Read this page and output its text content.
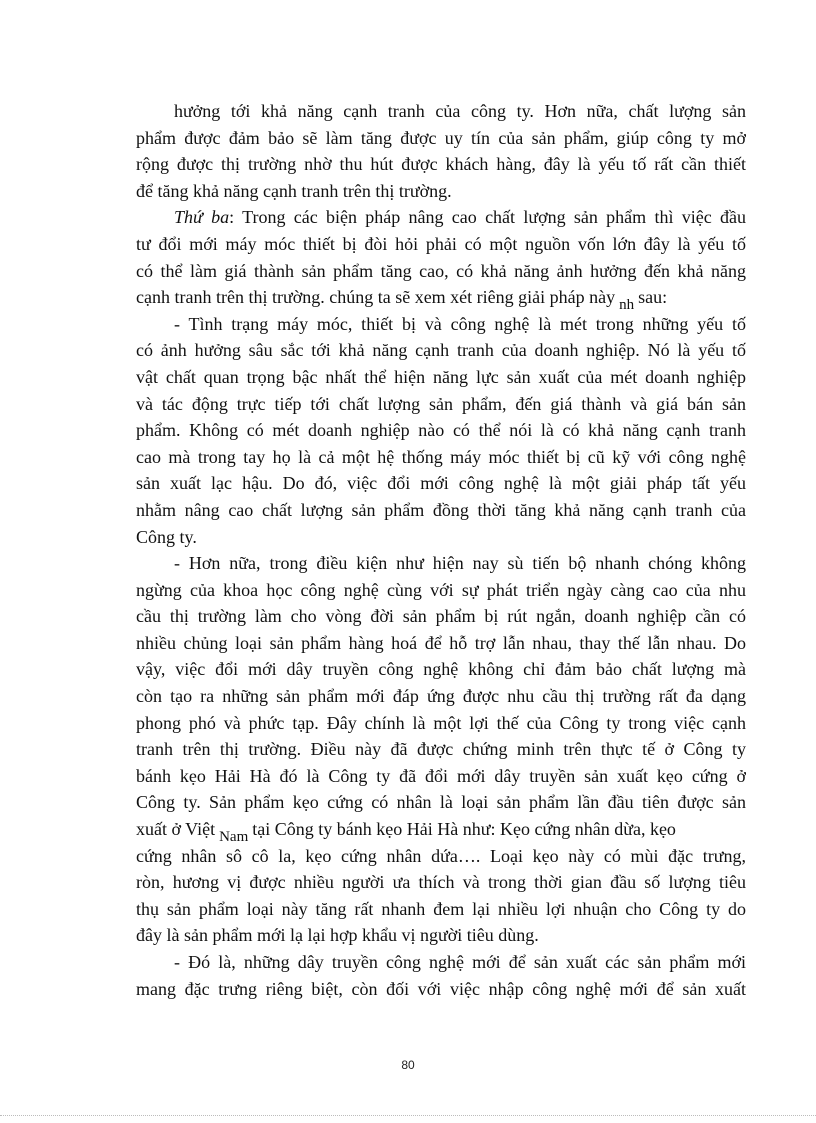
hưởng tới khả năng cạnh tranh của công ty. Hơn nữa, chất lượng sản
phẩm được đảm bảo sẽ làm tăng được uy tín của sản phẩm, giúp công ty mở
rộng được thị trường nhờ thu hút được khách hàng, đây là yếu tố rất cần thiết
để tăng khả năng cạnh tranh trên thị trường.
Thứ ba: Trong các biện pháp nâng cao chất lượng sản phẩm thì việc đầu
tư đổi mới máy móc thiết bị đòi hỏi phải có một nguồn vốn lớn đây là yếu tố
có thể làm giá thành sản phẩm tăng cao, có khả năng ảnh hưởng đến khả năng
cạnh tranh trên thị trường. chúng ta sẽ xem xét riêng giải pháp này $_{nh}$ sau:
- Tình trạng máy móc, thiết bị và công nghệ là mét trong những yếu tố
có ảnh hưởng sâu sắc tới khả năng cạnh tranh của doanh nghiệp. Nó là yếu tố
vật chất quan trọng bậc nhất thể hiện năng lực sản xuất của mét doanh nghiệp
và tác động trực tiếp tới chất lượng sản phẩm, đến giá thành và giá bán sản
phẩm. Không có mét doanh nghiệp nào có thể nói là có khả năng cạnh tranh
cao mà trong tay họ là cả một hệ thống máy móc thiết bị cũ kỹ với công nghệ
sản xuất lạc hậu. Do đó, việc đổi mới công nghệ là một giải pháp tất yếu
nhằm nâng cao chất lượng sản phẩm đồng thời tăng khả năng cạnh tranh của
Công ty.
- Hơn nữa, trong điều kiện như hiện nay sù tiến bộ nhanh chóng không
ngừng của khoa học công nghệ cùng với sự phát triển ngày càng cao của nhu
cầu thị trường làm cho vòng đời sản phẩm bị rút ngắn, doanh nghiệp cần có
nhiều chủng loại sản phẩm hàng hoá để hỗ trợ lẫn nhau, thay thế lẫn nhau. Do
vậy, việc đổi mới dây truyền công nghệ không chỉ đảm bảo chất lượng mà
còn tạo ra những sản phẩm mới đáp ứng được nhu cầu thị trường rất đa dạng
phong phó và phức tạp. Đây chính là một lợi thế của Công ty trong việc cạnh
tranh trên thị trường. Điều này đã được chứng minh trên thực tế ở Công ty
bánh kẹo Hải Hà đó là Công ty đã đổi mới dây truyền sản xuất kẹo cứng ở
Công ty. Sản phẩm kẹo cứng có nhân là loại sản phẩm lần đầu tiên được sản
xuất ở Việt $_{Nam}$ tại Công ty bánh kẹo Hải Hà như: Kẹo cứng nhân dừa, kẹo
cứng nhân sô cô la, kẹo cứng nhân dứa…. Loại kẹo này có mùi đặc trưng,
ròn, hương vị được nhiều người ưa thích và trong thời gian đầu số lượng tiêu
thụ sản phẩm loại này tăng rất nhanh đem lại nhiều lợi nhuận cho Công ty do
đây là sản phẩm mới lạ lại hợp khẩu vị người tiêu dùng.
- Đó là, những dây truyền công nghệ mới để sản xuất các sản phẩm mới
mang đặc trưng riêng biệt, còn đối với việc nhập công nghệ mới để sản xuất
80
